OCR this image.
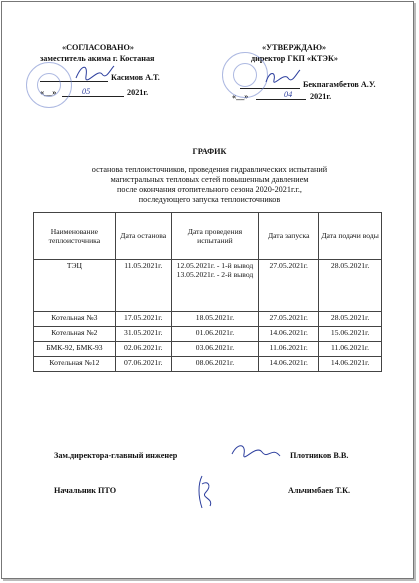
«СОГЛАСОВАНО»
заместитель акима г. Костаная
Касимов А.Т.
«__»	05	2021г.
«УТВЕРЖДАЮ»
директор ГКП «КТЭК»
Бекпагамбетов А.У.
«__»	04 2021г.
ГРАФИК
останова теплоисточников, проведения гидравлических испытаний
магистральных тепловых сетей повышенным давлением
после окончания отопительного сезона 2020-2021г.г.,
последующего запуска теплоисточников
Наименование теплоисточника	Дата останова	Дата проведения испытаний	Дата запуска	Дата подачи воды
ТЭЦ	11.05.2021г.	12.05.2021г. - 1-й вывод 13.05.2021г. - 2-й вывод	27.05.2021г.	28.05.2021г.
Котельная №3	17.05.2021г.	18.05.2021г.	27.05.2021г.	28.05.2021г.
Котельная №2	31.05.2021г.	01.06.2021г.	14.06.2021г.	15.06.2021г.
БМК-92, БМК-93	02.06.2021г.	03.06.2021г.	11.06.2021г.	11.06.2021г.
Котельная №12	07.06.2021г.	08.06.2021г.	14.06.2021г.	14.06.2021г.
Зам.директора-главный инженер	Плотников В.В.
Начальник ПТО	Альчимбаев Т.К.
